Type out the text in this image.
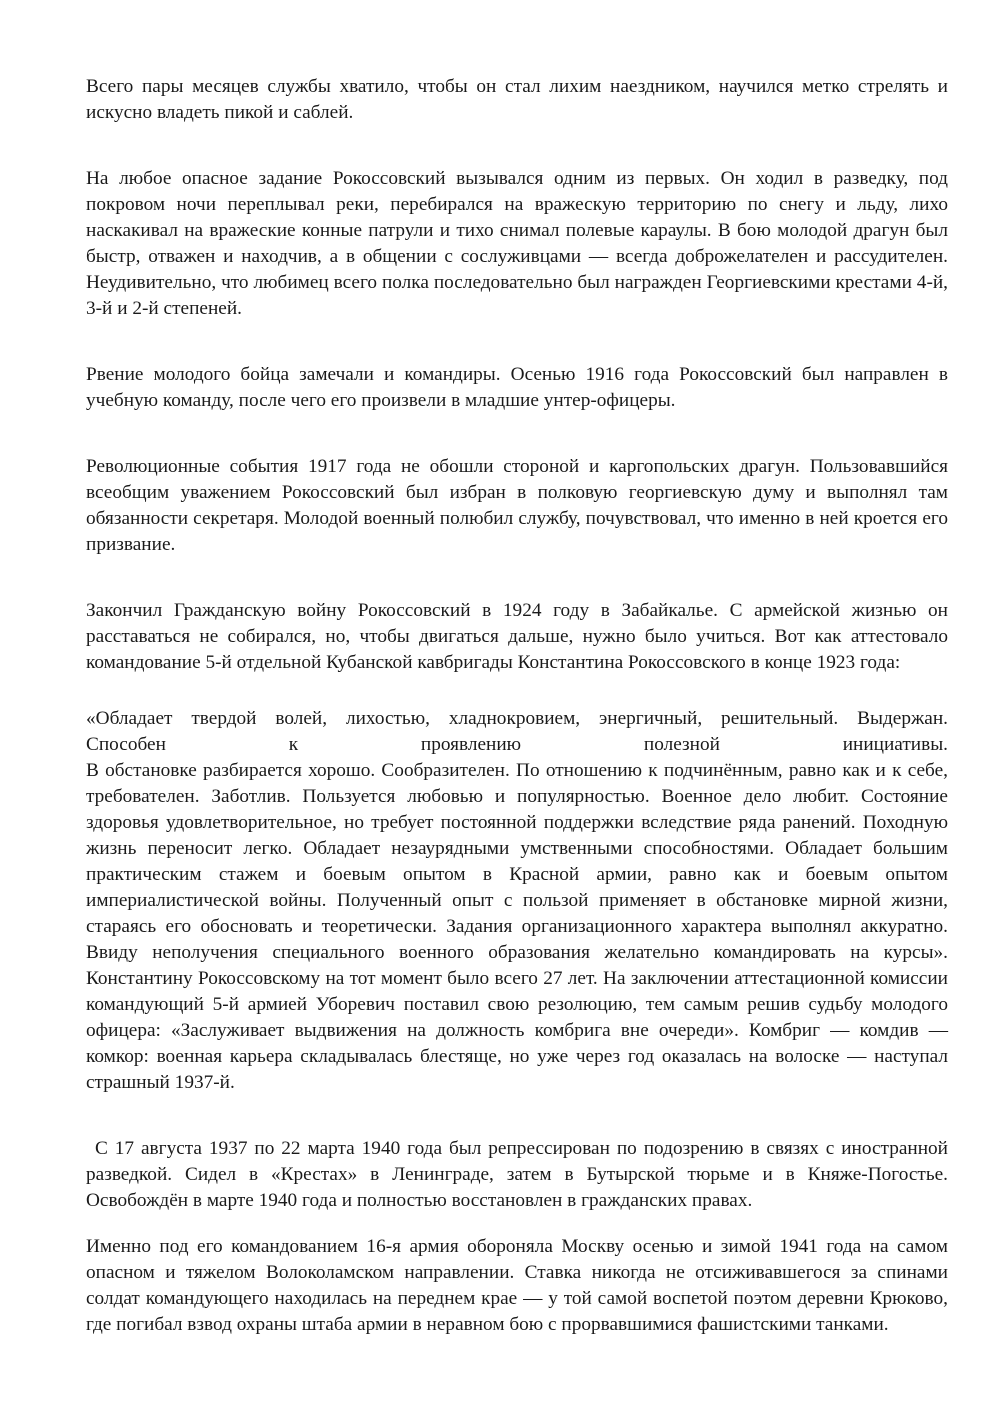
Всего пары месяцев службы хватило, чтобы он стал лихим наездником, научился метко стрелять и искусно владеть пикой и саблей.

На любое опасное задание Рокоссовский вызывался одним из первых. Он ходил в разведку, под покровом ночи переплывал реки, перебирался на вражескую территорию по снегу и льду, лихо наскакивал на вражеские конные патрули и тихо снимал полевые караулы. В бою молодой драгун был быстр, отважен и находчив, а в общении с сослуживцами — всегда доброжелателен и рассудителен. Неудивительно, что любимец всего полка последовательно был награжден Георгиевскими крестами 4-й, 3-й и 2-й степеней.

Рвение молодого бойца замечали и командиры. Осенью 1916 года Рокоссовский был направлен в учебную команду, после чего его произвели в младшие унтер-офицеры.

Революционные события 1917 года не обошли стороной и каргопольских драгун. Пользовавшийся всеобщим уважением Рокоссовский был избран в полковую георгиевскую думу и выполнял там обязанности секретаря. Молодой военный полюбил службу, почувствовал, что именно в ней кроется его призвание.

Закончил Гражданскую войну Рокоссовский в 1924 году в Забайкалье. С армейской жизнью он расставаться не собирался, но, чтобы двигаться дальше, нужно было учиться. Вот как аттестовало командование 5-й отдельной Кубанской кавбригады Константина Рокоссовского в конце 1923 года:

«Обладает твердой волей, лихостью, хладнокровием, энергичный, решительный. Выдержан.
Способен к проявлению полезной инициативы.
В обстановке разбирается хорошо. Сообразителен. По отношению к подчинённым, равно как и к себе, требователен. Заботлив. Пользуется любовью и популярностью. Военное дело любит. Состояние здоровья удовлетворительное, но требует постоянной поддержки вследствие ряда ранений. Походную жизнь переносит легко. Обладает незаурядными умственными способностями. Обладает большим практическим стажем и боевым опытом в Красной армии, равно как и боевым опытом империалистической войны. Полученный опыт с пользой применяет в обстановке мирной жизни, стараясь его обосновать и теоретически. Задания организационного характера выполнял аккуратно. Ввиду неполучения специального военного образования желательно командировать на курсы». Константину Рокоссовскому на тот момент было всего 27 лет. На заключении аттестационной комиссии командующий 5-й армией Уборевич поставил свою резолюцию, тем самым решив судьбу молодого офицера: «Заслуживает выдвижения на должность комбрига вне очереди». Комбриг — комдив — комкор: военная карьера складывалась блестяще, но уже через год оказалась на волоске — наступал страшный 1937-й.

С 17 августа 1937 по 22 марта 1940 года был репрессирован по подозрению в связях с иностранной разведкой. Сидел в «Крестах» в Ленинграде, затем в Бутырской тюрьме и в Княже-Погостье. Освобождён в марте 1940 года и полностью восстановлен в гражданских правах.

Именно под его командованием 16-я армия обороняла Москву осенью и зимой 1941 года на самом опасном и тяжелом Волоколамском направлении. Ставка никогда не отсиживавшегося за спинами солдат командующего находилась на переднем крае — у той самой воспетой поэтом деревни Крюково, где погибал взвод охраны штаба армии в неравном бою с прорвавшимися фашистскими танками.
